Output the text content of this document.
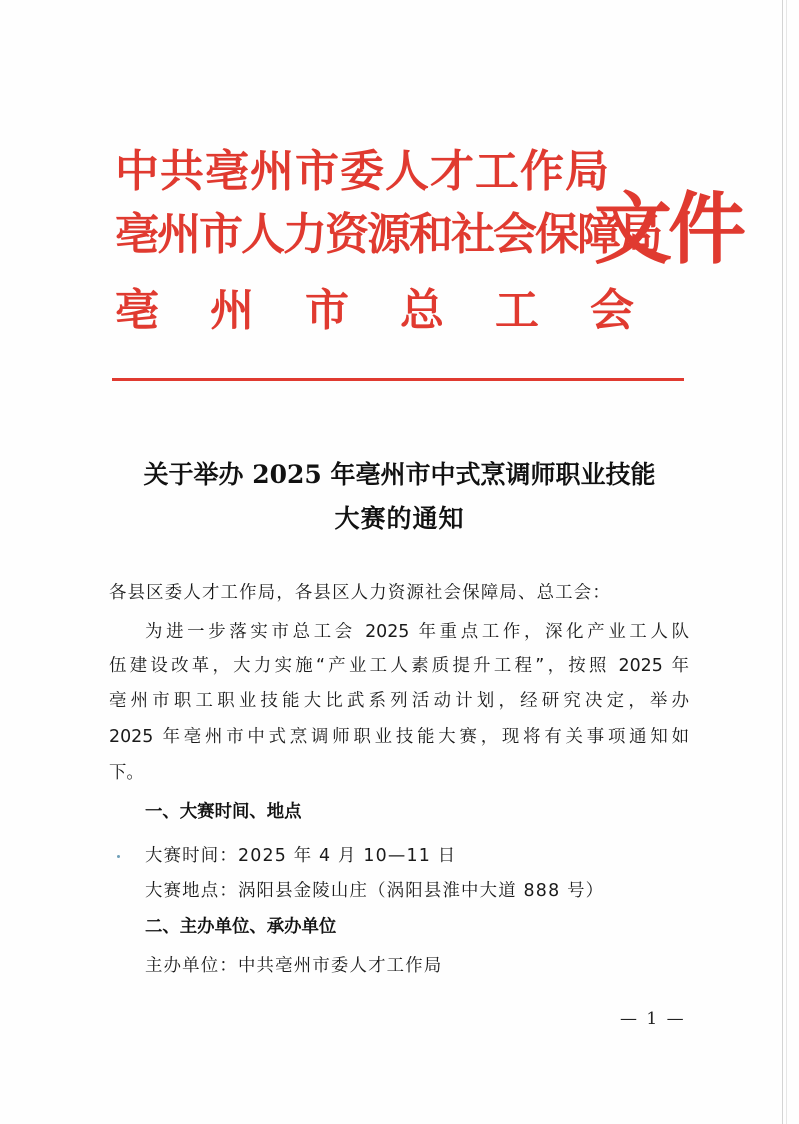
中共亳州市委人才工作局
亳州市人力资源和社会保障局
亳州市总工会
文件
关于举办 2025 年亳州市中式烹调师职业技能
大赛的通知
各县区委人才工作局，各县区人力资源社会保障局、总工会：
为进一步落实市总工会 2025 年重点工作，深化产业工人队
伍建设改革，大力实施“产业工人素质提升工程”，按照 2025 年
亳州市职工职业技能大比武系列活动计划，经研究决定，举办
2025 年亳州市中式烹调师职业技能大赛，现将有关事项通知如
下。
一、大赛时间、地点
大赛时间：2025 年 4 月 10—11 日
大赛地点：涡阳县金陵山庄（涡阳县淮中大道 888 号）
二、主办单位、承办单位
主办单位：中共亳州市委人才工作局
— 1 —
